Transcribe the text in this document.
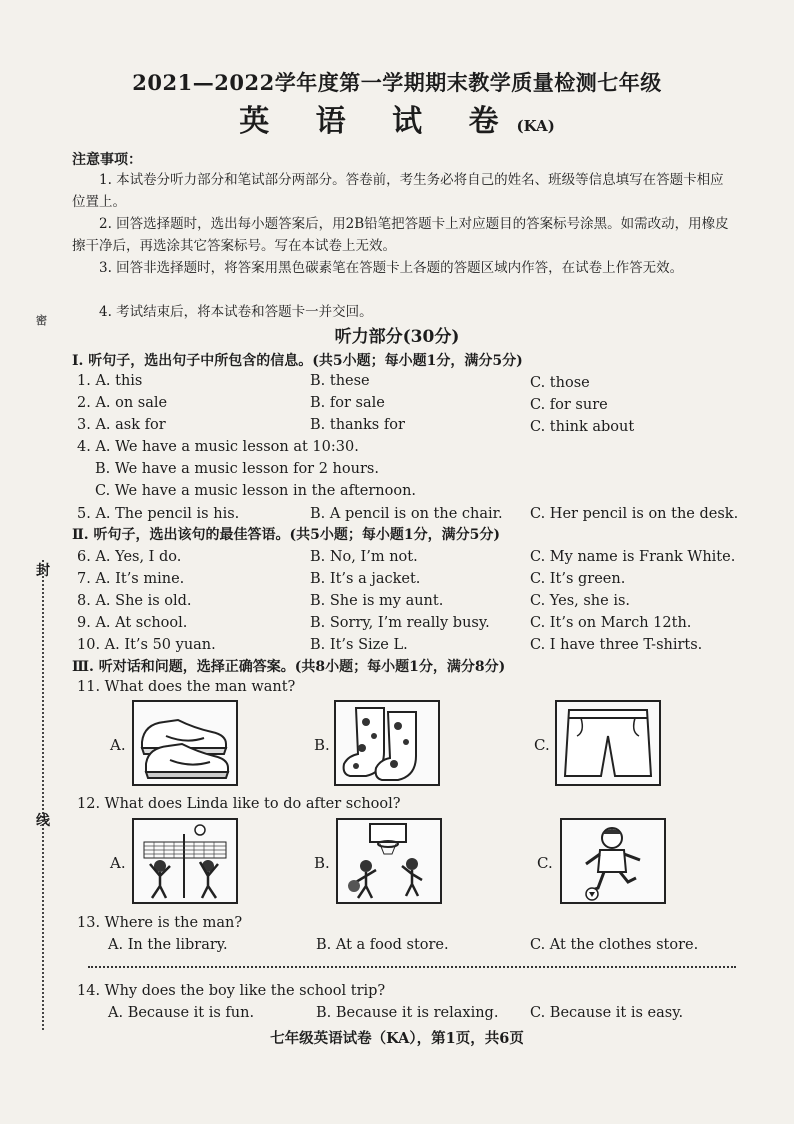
密
封
线
2021—2022学年度第一学期期末教学质量检测七年级
英 语 试 卷(KA)
注意事项：
1. 本试卷分听力部分和笔试部分两部分。答卷前，考生务必将自己的姓名、班级等信息填写在答题卡相应位置上。
2. 回答选择题时，选出每小题答案后，用2B铅笔把答题卡上对应题目的答案标号涂黑。如需改动，用橡皮擦干净后，再选涂其它答案标号。写在本试卷上无效。
3. 回答非选择题时，将答案用黑色碳素笔在答题卡上各题的答题区域内作答，在试卷上作答无效。
4. 考试结束后，将本试卷和答题卡一并交回。
听力部分(30分)
Ⅰ. 听句子，选出句子中所包含的信息。(共5小题；每小题1分，满分5分)
1. A. this	B. these	C. those
2. A. on sale	B. for sale	C. for sure
3. A. ask for	B. thanks for	C. think about
4. A. We have a music lesson at 10:30.
B. We have a music lesson for 2 hours.
C. We have a music lesson in the afternoon.
5. A. The pencil is his.	B. A pencil is on the chair. C. Her pencil is on the desk.
Ⅱ. 听句子，选出该句的最佳答语。(共5小题；每小题1分，满分5分)
6. A. Yes, I do.	B. No, I’m not.	C. My name is Frank White.
7. A. It’s mine.	B. It’s a jacket.	C. It’s green.
8. A. She is old.	B. She is my aunt.	C. Yes, she is.
9. A. At school.	B. Sorry, I’m really busy.	C. It’s on March 12th.
10. A. It’s 50 yuan.	B. It’s Size L.	C. I have three T-shirts.
Ⅲ. 听对话和问题，选择正确答案。(共8小题；每小题1分，满分8分)
11. What does the man want?
A.	B.	C.
12. What does Linda like to do after school?
A.	B.	C.
13. Where is the man?
A. In the library.	B. At a food store.	C. At the clothes store.
14. Why does the boy like the school trip?
A. Because it is fun.	B. Because it is relaxing. C. Because it is easy.
七年级英语试卷（KA），第1页，共6页
